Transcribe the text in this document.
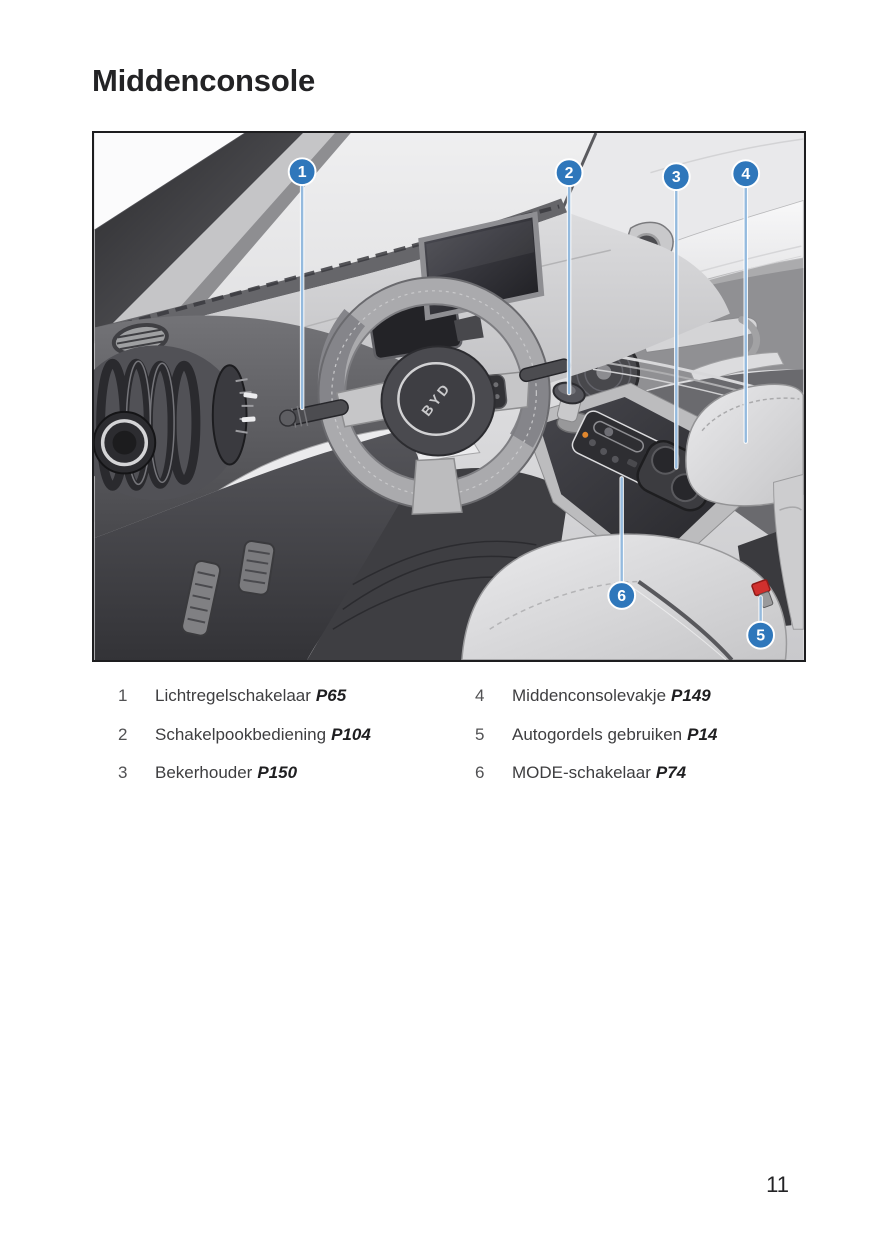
Middenconsole
BYD
1	2	3	4
5
6
1	Lichtregelschakelaar P65
2	Schakelpookbediening P104
3	Bekerhouder P150
4	Middenconsolevakje P149
5	Autogordels gebruiken P14
6	MODE-schakelaar P74
11
